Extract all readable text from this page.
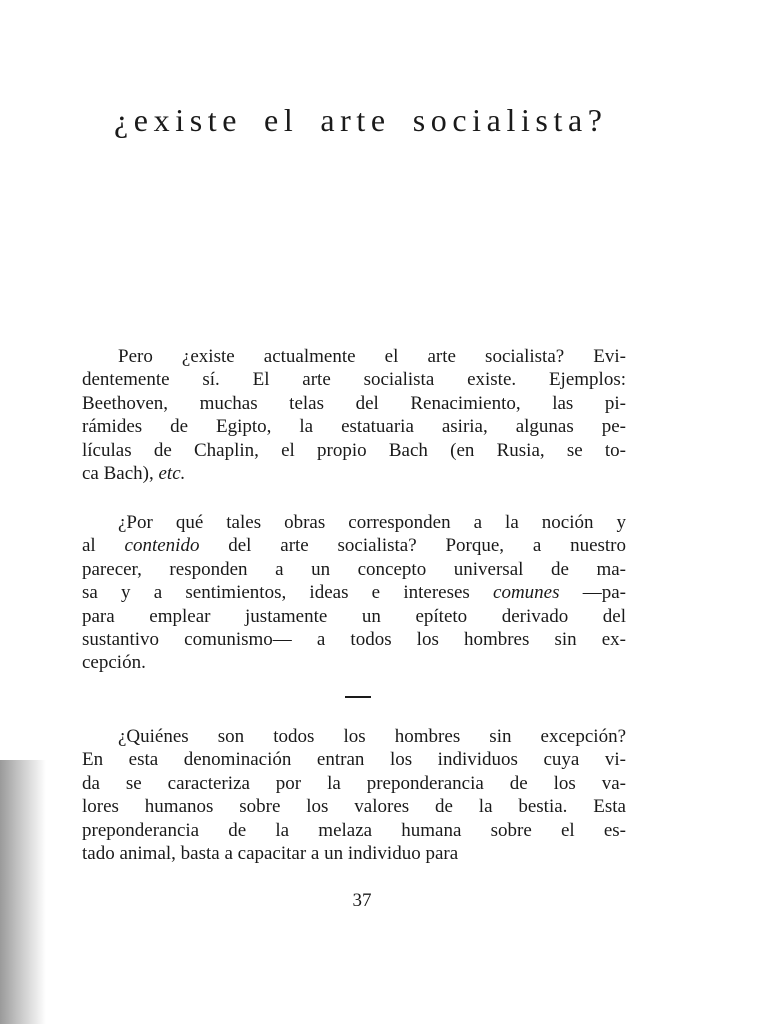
¿existe el arte socialista?
Pero ¿existe actualmente el arte socialista? Evi-
dentemente sí. El arte socialista existe. Ejemplos:
Beethoven, muchas telas del Renacimiento, las pi-
rámides de Egipto, la estatuaria asiria, algunas pe-
lículas de Chaplin, el propio Bach (en Rusia, se to-
ca Bach), etc.
¿Por qué tales obras corresponden a la noción y
al contenido del arte socialista? Porque, a nuestro
parecer, responden a un concepto universal de ma-
sa y a sentimientos, ideas e intereses comunes —pa-
para emplear justamente un epíteto derivado del
sustantivo comunismo— a todos los hombres sin ex-
cepción.
¿Quiénes son todos los hombres sin excepción?
En esta denominación entran los individuos cuya vi-
da se caracteriza por la preponderancia de los va-
lores humanos sobre los valores de la bestia. Esta
preponderancia de la melaza humana sobre el es-
tado animal, basta a capacitar a un individuo para
37
